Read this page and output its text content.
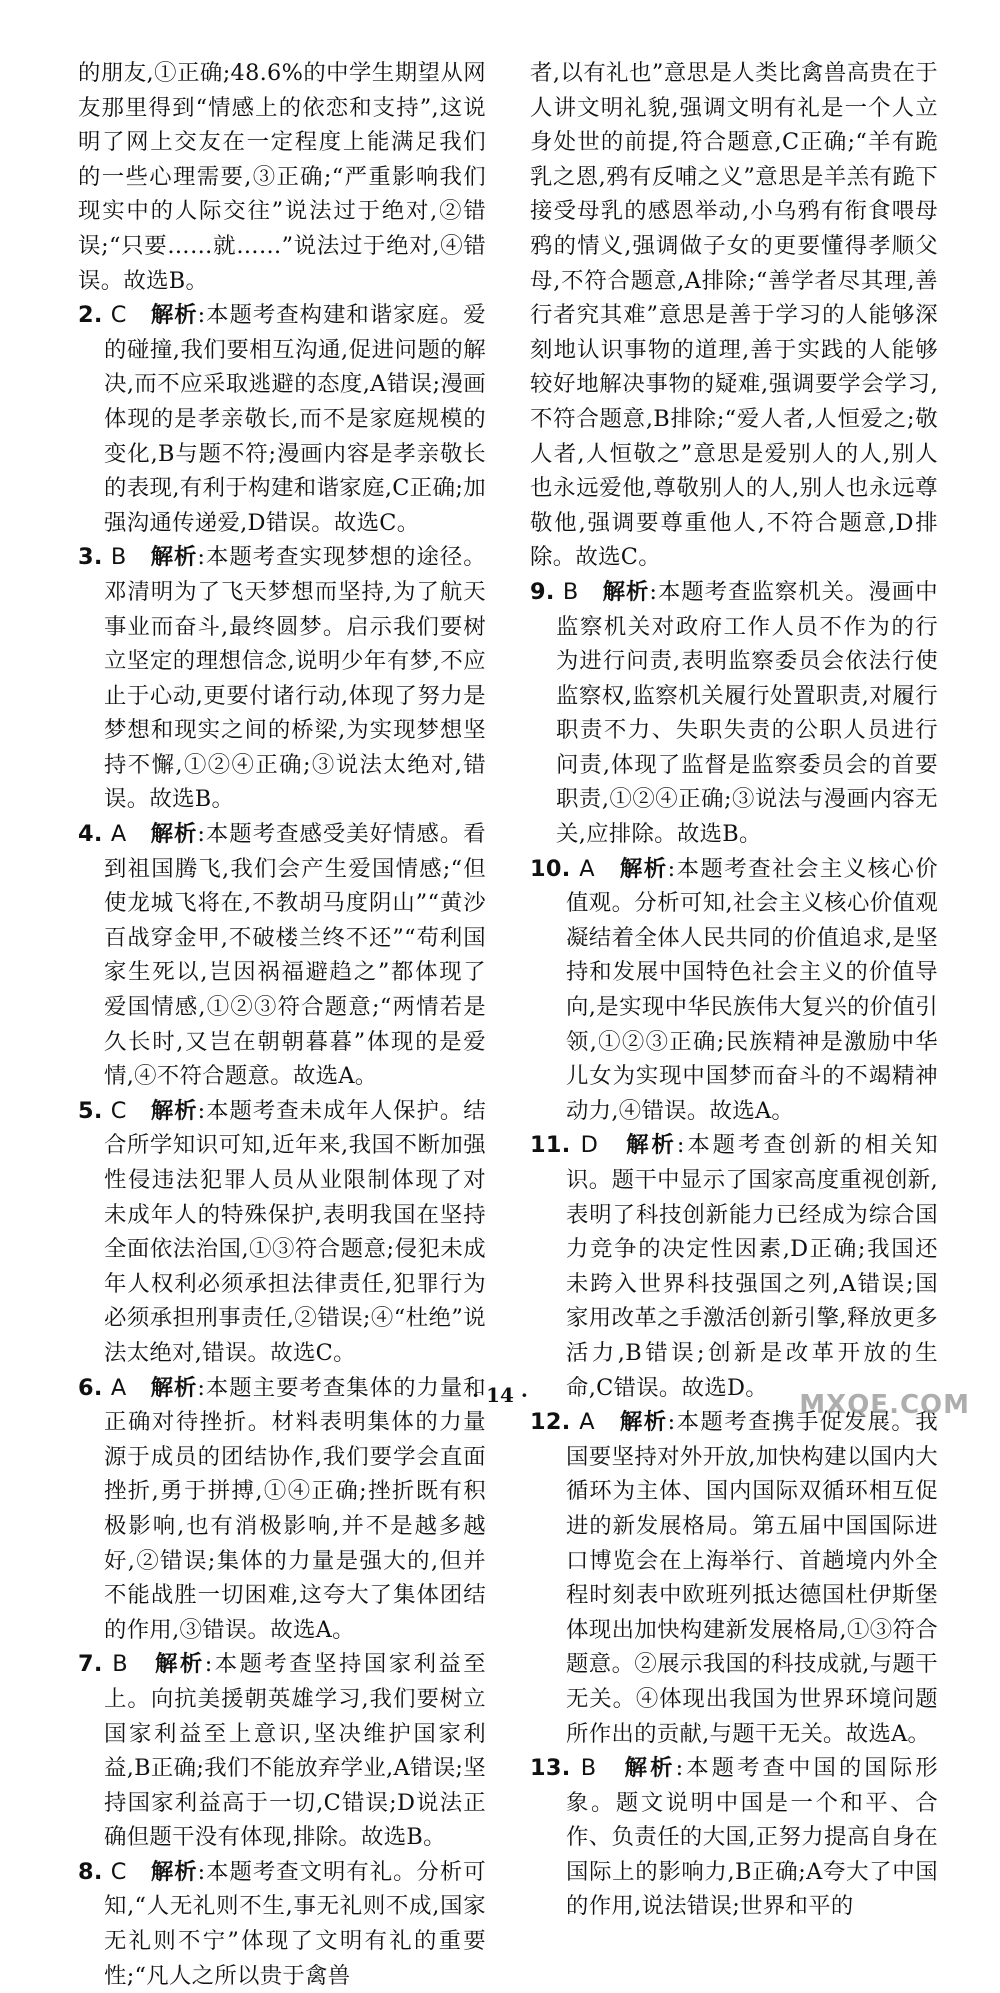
的朋友,①正确;48.6%的中学生期望从网友那里得到“情感上的依恋和支持”,这说明了网上交友在一定程度上能满足我们的一些心理需要,③正确;“严重影响我们现实中的人际交往”说法过于绝对,②错误;“只要……就……”说法过于绝对,④错误。故选B。

2. C　 解析:本题考查构建和谐家庭。爱的碰撞,我们要相互沟通,促进问题的解决,而不应采取逃避的态度,A错误;漫画体现的是孝亲敬长,而不是家庭规模的变化,B与题不符;漫画内容是孝亲敬长的表现,有利于构建和谐家庭,C正确;加强沟通传递爱,D错误。故选C。

3. B　 解析:本题考查实现梦想的途径。邓清明为了飞天梦想而坚持,为了航天事业而奋斗,最终圆梦。启示我们要树立坚定的理想信念,说明少年有梦,不应止于心动,更要付诸行动,体现了努力是梦想和现实之间的桥梁,为实现梦想坚持不懈,①②④正确;③说法太绝对,错误。故选B。

4. A　 解析:本题考查感受美好情感。看到祖国腾飞,我们会产生爱国情感;“但使龙城飞将在,不教胡马度阴山”“黄沙百战穿金甲,不破楼兰终不还”“苟利国家生死以,岂因祸福避趋之”都体现了爱国情感,①②③符合题意;“两情若是久长时,又岂在朝朝暮暮”体现的是爱情,④不符合题意。故选A。

5. C　 解析:本题考查未成年人保护。结合所学知识可知,近年来,我国不断加强性侵违法犯罪人员从业限制体现了对未成年人的特殊保护,表明我国在坚持全面依法治国,①③符合题意;侵犯未成年人权利必须承担法律责任,犯罪行为必须承担刑事责任,②错误;④“杜绝”说法太绝对,错误。故选C。

6. A　 解析:本题主要考查集体的力量和正确对待挫折。材料表明集体的力量源于成员的团结协作,我们要学会直面挫折,勇于拼搏,①④正确;挫折既有积极影响,也有消极影响,并不是越多越好,②错误;集体的力量是强大的,但并不能战胜一切困难,这夸大了集体团结的作用,③错误。故选A。

7. B　 解析:本题考查坚持国家利益至上。向抗美援朝英雄学习,我们要树立国家利益至上意识,坚决维护国家利益,B正确;我们不能放弃学业,A错误;坚持国家利益高于一切,C错误;D说法正确但题干没有体现,排除。故选B。

8. C　 解析:本题考查文明有礼。分析可知,“人无礼则不生,事无礼则不成,国家无礼则不宁”体现了文明有礼的重要性;“凡人之所以贵于禽兽

者,以有礼也”意思是人类比禽兽高贵在于人讲文明礼貌,强调文明有礼是一个人立身处世的前提,符合题意,C正确;“羊有跪乳之恩,鸦有反哺之义”意思是羊羔有跪下接受母乳的感恩举动,小乌鸦有衔食喂母鸦的情义,强调做子女的更要懂得孝顺父母,不符合题意,A排除;“善学者尽其理,善行者究其难”意思是善于学习的人能够深刻地认识事物的道理,善于实践的人能够较好地解决事物的疑难,强调要学会学习,不符合题意,B排除;“爱人者,人恒爱之;敬人者,人恒敬之”意思是爱别人的人,别人也永远爱他,尊敬别人的人,别人也永远尊敬他,强调要尊重他人,不符合题意,D排除。故选C。

9. B　 解析:本题考查监察机关。漫画中监察机关对政府工作人员不作为的行为进行问责,表明监察委员会依法行使监察权,监察机关履行处置职责,对履行职责不力、失职失责的公职人员进行问责,体现了监督是监察委员会的首要职责,①②④正确;③说法与漫画内容无关,应排除。故选B。

10. A　 解析:本题考查社会主义核心价值观。分析可知,社会主义核心价值观凝结着全体人民共同的价值追求,是坚持和发展中国特色社会主义的价值导向,是实现中华民族伟大复兴的价值引领,①②③正确;民族精神是激励中华儿女为实现中国梦而奋斗的不竭精神动力,④错误。故选A。

11. D　 解析:本题考查创新的相关知识。题干中显示了国家高度重视创新,表明了科技创新能力已经成为综合国力竞争的决定性因素,D正确;我国还未跨入世界科技强国之列,A错误;国家用改革之手激活创新引擎,释放更多活力,B错误;创新是改革开放的生命,C错误。故选D。

12. A　 解析:本题考查携手促发展。我国要坚持对外开放,加快构建以国内大循环为主体、国内国际双循环相互促进的新发展格局。第五届中国国际进口博览会在上海举行、首趟境内外全程时刻表中欧班列抵达德国杜伊斯堡体现出加快构建新发展格局,①③符合题意。②展示我国的科技成就,与题干无关。④体现出我国为世界环境问题所作出的贡献,与题干无关。故选A。

13. B　 解析:本题考查中国的国际形象。题文说明中国是一个和平、合作、负责任的大国,正努力提高自身在国际上的影响力,B正确;A夸大了中国的作用,说法错误;世界和平的

· 14 ·	MXQE.COM
